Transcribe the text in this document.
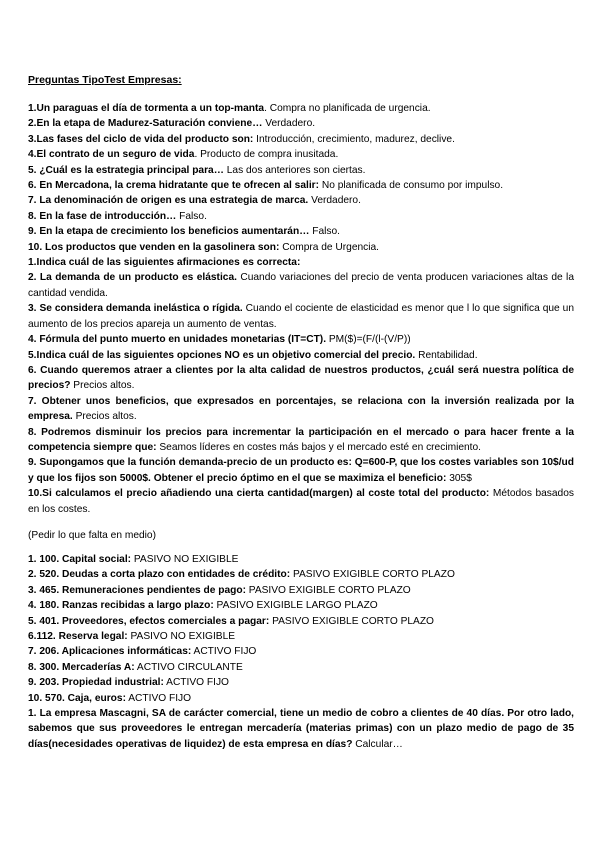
Preguntas TipoTest Empresas:

1.Un paraguas el día de tormenta a un top-manta. Compra no planificada de urgencia.

2.En la etapa de Madurez-Saturación conviene… Verdadero.

3.Las fases del ciclo de vida del producto son: Introducción, crecimiento, madurez, declive.

4.El contrato de un seguro de vida. Producto de compra inusitada.

5. ¿Cuál es la estrategia principal para… Las dos anteriores son ciertas.

6. En Mercadona, la crema hidratante que te ofrecen al salir: No planificada de consumo por impulso.

7. La denominación de origen es una estrategia de marca. Verdadero.

8. En la fase de introducción… Falso.

9. En la etapa de crecimiento los beneficios aumentarán… Falso.

10. Los productos que venden en la gasolinera son: Compra de Urgencia.

1.Indica cuál de las siguientes afirmaciones es correcta:

2. La demanda de un producto es elástica. Cuando variaciones del precio de venta producen variaciones altas de la cantidad vendida.

3. Se considera demanda inelástica o rígida. Cuando el cociente de elasticidad es menor que l lo que significa que un aumento de los precios apareja un aumento de ventas.

4. Fórmula del punto muerto en unidades monetarias (IT=CT). PM($)=(F/(l-(V/P))

5.Indica cuál de las siguientes opciones NO es un objetivo comercial del precio. Rentabilidad.

6. Cuando queremos atraer a clientes por la alta calidad de nuestros productos, ¿cuál será nuestra política de precios? Precios altos.

7. Obtener unos beneficios, que expresados en porcentajes, se relaciona con la inversión realizada por la empresa. Precios altos.

8. Podremos disminuir los precios para incrementar la participación en el mercado o para hacer frente a la competencia siempre que: Seamos líderes en costes más bajos y el mercado esté en crecimiento.

9. Supongamos que la función demanda-precio de un producto es: Q=600-P, que los costes variables son 10$/ud y que los fijos son 5000$. Obtener el precio óptimo en el que se maximiza el beneficio: 305$

10.Si calculamos el precio añadiendo una cierta cantidad(margen) al coste total del producto: Métodos basados en los costes.

(Pedir lo que falta en medio)

1. 100. Capital social: PASIVO NO EXIGIBLE

2. 520. Deudas a corta plazo con entidades de crédito: PASIVO EXIGIBLE CORTO PLAZO

3. 465. Remuneraciones pendientes de pago: PASIVO EXIGIBLE CORTO PLAZO

4. 180. Ranzas recibidas a largo plazo: PASIVO EXIGIBLE LARGO PLAZO

5. 401. Proveedores, efectos comerciales a pagar: PASIVO EXIGIBLE CORTO PLAZO

6.112. Reserva legal: PASIVO NO EXIGIBLE

7. 206. Aplicaciones informáticas: ACTIVO FIJO

8. 300. Mercaderías A: ACTIVO CIRCULANTE

9. 203. Propiedad industrial: ACTIVO FIJO

10. 570. Caja, euros: ACTIVO FIJO

1. La empresa Mascagni, SA de carácter comercial, tiene un medio de cobro a clientes de 40 días. Por otro lado, sabemos que sus proveedores le entregan mercadería (materias primas) con un plazo medio de pago de 35 días(necesidades operativas de liquidez) de esta empresa en días? Calcular…
